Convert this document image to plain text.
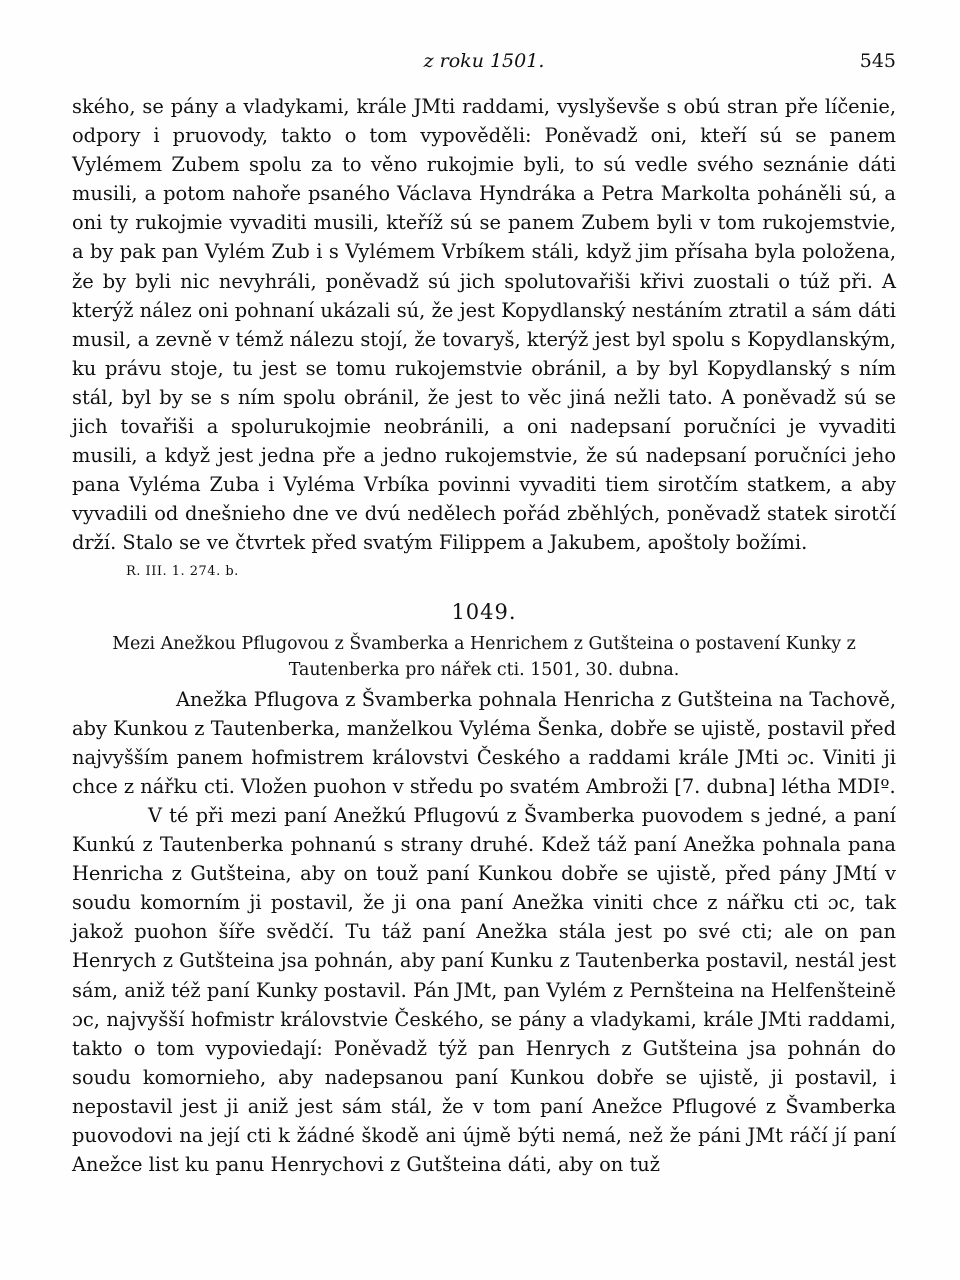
z roku 1501.	545

ského, se pány a vladykami, krále JMti raddami, vyslyševše s obú stran pře líčenie, odpory i pruovody, takto o tom vypověděli: Poněvadž oni, kteří sú se panem Vylémem Zubem spolu za to věno rukojmie byli, to sú vedle svého seznánie dáti musili, a potom nahoře psaného Václava Hyndráka a Petra Markolta poháněli sú, a oni ty rukojmie vyvaditi musili, kteříž sú se panem Zubem byli v tom rukojemstvie, a by pak pan Vylém Zub i s Vylémem Vrbíkem stáli, když jim přísaha byla položena, že by byli nic nevyhráli, poněvadž sú jich spolutovařiši křivi zuostali o túž při. A kterýž nález oni pohnaní ukázali sú, že jest Kopydlanský nestáním ztratil a sám dáti musil, a zevně v témž nálezu stojí, že tovaryš, kterýž jest byl spolu s Kopydlanským, ku právu stoje, tu jest se tomu rukojemstvie obránil, a by byl Kopydlanský s ním stál, byl by se s ním spolu obránil, že jest to věc jiná nežli tato. A poněvadž sú se jich tovařiši a spolurukojmie neobránili, a oni nadepsaní poručníci je vyvaditi musili, a když jest jedna pře a jedno rukojemstvie, že sú nadepsaní poručníci jeho pana Vyléma Zuba i Vyléma Vrbíka povinni vyvaditi tiem sirotčím statkem, a aby vyvadili od dnešnieho dne ve dvú nedělech pořád zběhlých, poněvadž statek sirotčí drží. Stalo se ve čtvrtek před svatým Filippem a Jakubem, apoštoly božími.

R. III. 1. 274. b.
1049.
Mezi Anežkou Pflugovou z Švamberka a Henrichem z Gutšteina o postavení Kunky z Tautenberka pro nářek cti. 1501, 30. dubna.

Anežka Pflugova z Švamberka pohnala Henricha z Gutšteina na Tachově, aby Kunkou z Tautenberka, manželkou Vyléma Šenka, dobře se ujistě, postavil před najvyšším panem hofmistrem královstvi Českého a raddami krále JMti ɔc. Viniti ji chce z nářku cti. Vložen puohon v středu po svatém Ambroži [7. dubna] létha MDIº.

V té při mezi paní Anežkú Pflugovú z Švamberka puovodem s jedné, a paní Kunkú z Tautenberka pohnanú s strany druhé. Kdež táž paní Anežka pohnala pana Henricha z Gutšteina, aby on touž paní Kunkou dobře se ujistě, před pány JMtí v soudu komorním ji postavil, že ji ona paní Anežka viniti chce z nářku cti ɔc, tak jakož puohon šíře svědčí. Tu táž paní Anežka stála jest po své cti; ale on pan Henrych z Gutšteina jsa pohnán, aby paní Kunku z Tautenberka postavil, nestál jest sám, aniž též paní Kunky postavil. Pán JMt, pan Vylém z Pernšteina na Helfenšteině ɔc, najvyšší hofmistr královstvie Českého, se pány a vladykami, krále JMti raddami, takto o tom vypoviedají: Poněvadž týž pan Henrych z Gutšteina jsa pohnán do soudu komornieho, aby nadepsanou paní Kunkou dobře se ujistě, ji postavil, i nepostavil jest ji aniž jest sám stál, že v tom paní Anežce Pflugové z Švamberka puovodovi na její cti k žádné škodě ani újmě býti nemá, než že páni JMt ráčí jí paní Anežce list ku panu Henrychovi z Gutšteina dáti, aby on tuž
